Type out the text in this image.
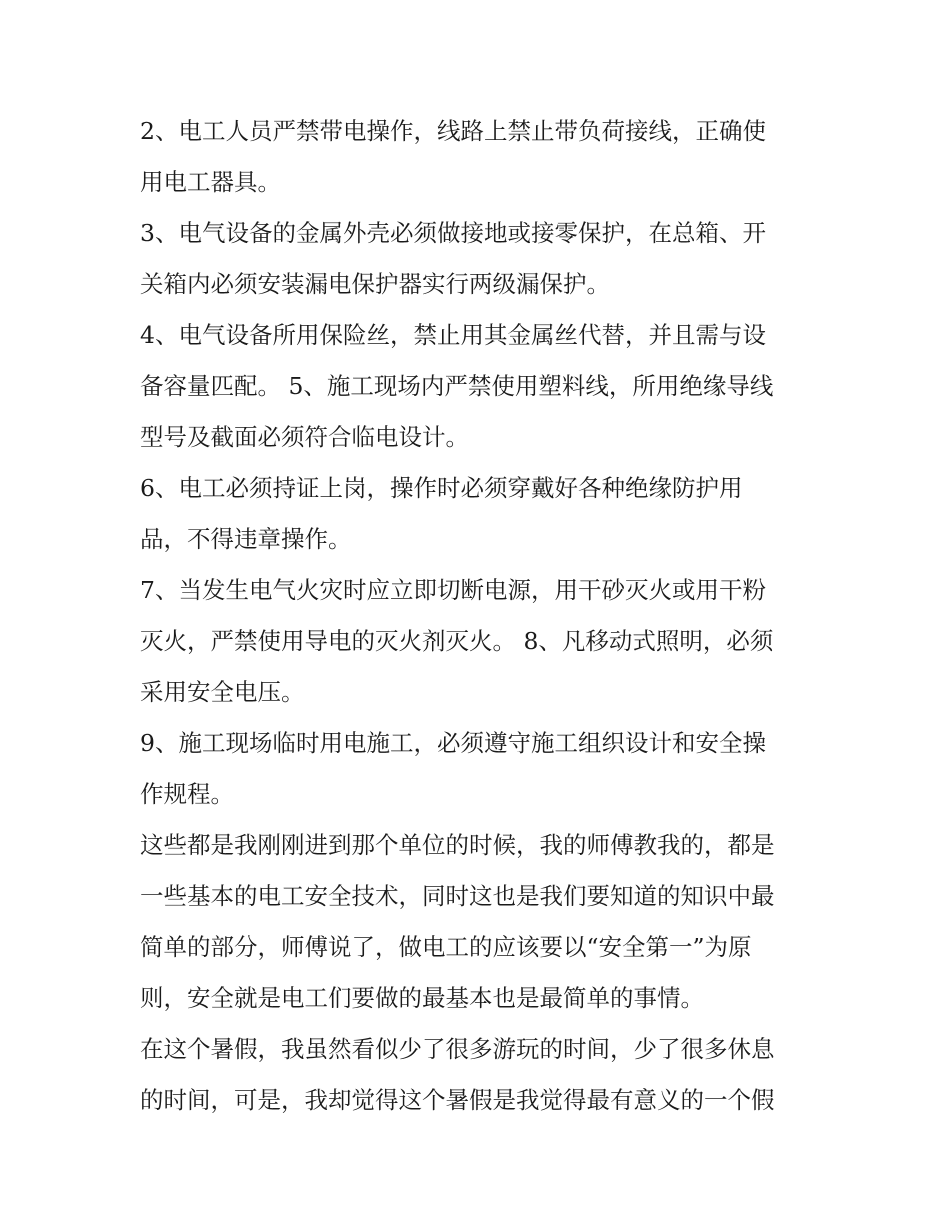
2、电工人员严禁带电操作，线路上禁止带负荷接线，正确使
用电工器具。

3、电气设备的金属外壳必须做接地或接零保护，在总箱、开
关箱内必须安装漏电保护器实行两级漏保护。

4、电气设备所用保险丝，禁止用其金属丝代替，并且需与设
备容量匹配。 5、施工现场内严禁使用塑料线，所用绝缘导线
型号及截面必须符合临电设计。

6、电工必须持证上岗，操作时必须穿戴好各种绝缘防护用
品，不得违章操作。

7、当发生电气火灾时应立即切断电源，用干砂灭火或用干粉
灭火，严禁使用导电的灭火剂灭火。 8、凡移动式照明，必须
采用安全电压。

9、施工现场临时用电施工，必须遵守施工组织设计和安全操
作规程。

这些都是我刚刚进到那个单位的时候，我的师傅教我的，都是
一些基本的电工安全技术，同时这也是我们要知道的知识中最
简单的部分，师傅说了，做电工的应该要以“安全第一”为原
则，安全就是电工们要做的最基本也是最简单的事情。

在这个暑假，我虽然看似少了很多游玩的时间，少了很多休息
的时间，可是，我却觉得这个暑假是我觉得最有意义的一个假
